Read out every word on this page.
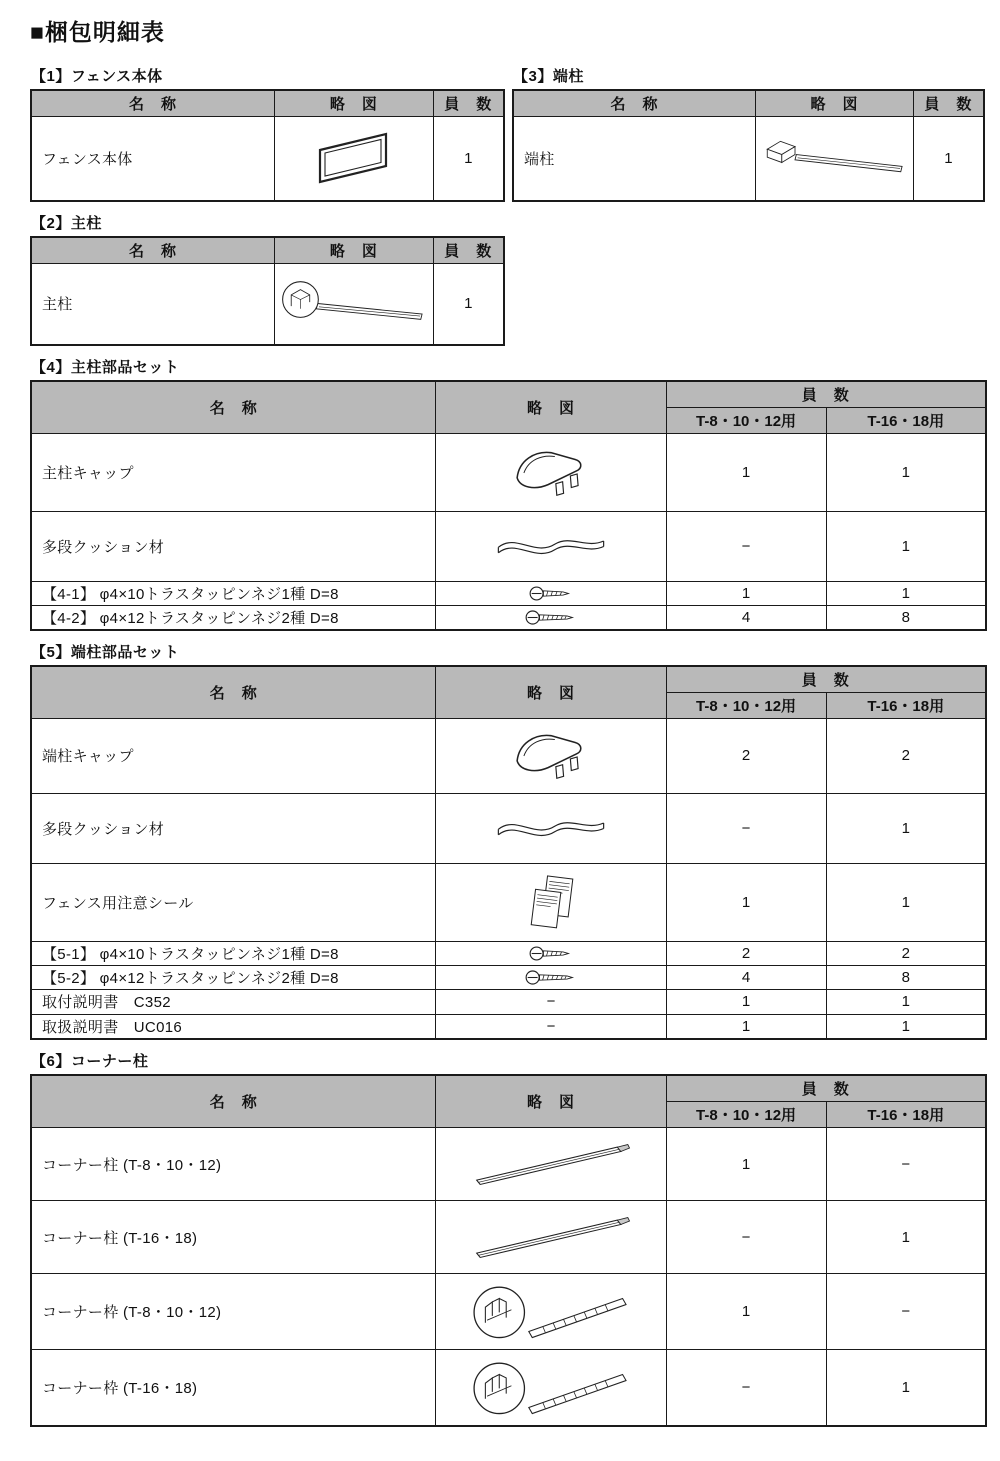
■梱包明細表
【1】フェンス本体
名　称	略　図	員　数
フェンス本体		1
【2】主柱
名　称	略　図	員　数
主柱		1
【3】端柱
名　称	略　図	員　数
端柱		1
【4】主柱部品セット
名　称	略　図	員　数	
		T-8・10・12用	T-16・18用
主柱キャップ		1	1
多段クッション材		−	1
【4-1】 φ4×10トラスタッピンネジ1種 D=8		1	1
【4-2】 φ4×12トラスタッピンネジ2種 D=8		4	8
【5】端柱部品セット
名　称	略　図	員　数	
		T-8・10・12用	T-16・18用
端柱キャップ		2	2
多段クッション材		−	1
フェンス用注意シール		1	1
【5-1】 φ4×10トラスタッピンネジ1種 D=8		2	2
【5-2】 φ4×12トラスタッピンネジ2種 D=8		4	8
取付説明書　C352	−	1	1
取扱説明書　UC016	−	1	1
【6】コーナー柱
名　称	略　図	員　数	
		T-8・10・12用	T-16・18用
コーナー柱 (T-8・10・12)		1	−
コーナー柱 (T-16・18)		−	1
コーナー枠 (T-8・10・12)		1	−
コーナー枠 (T-16・18)		−	1
